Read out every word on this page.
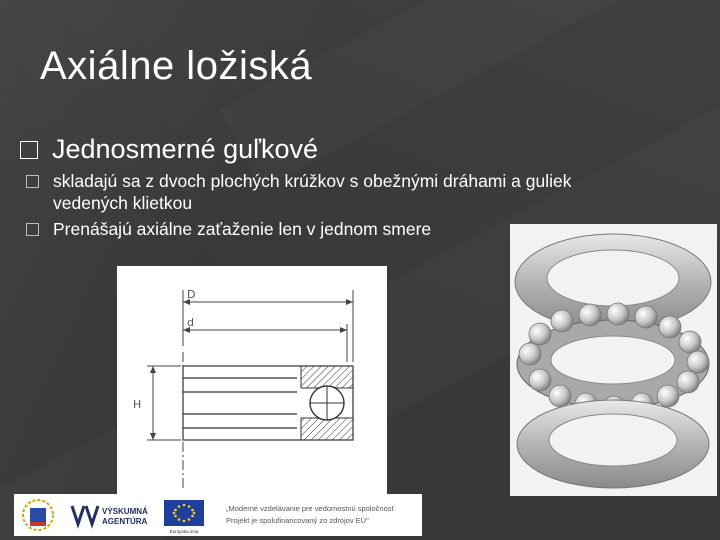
Axiálne ložiská
Jednosmerné guľkové
skladajú sa z dvoch plochých krúžkov s obežnými dráhami a guliek vedených klietkou
Prenášajú axiálne zaťaženie len v jednom smere
D
d
H
VÝSKUMNÁ
AGENTÚRA
Európska únia
„Moderné vzdelávanie pre vedomostnú spoločnosť
Projekt je spolufinancovaný zo zdrojov EÚ"
